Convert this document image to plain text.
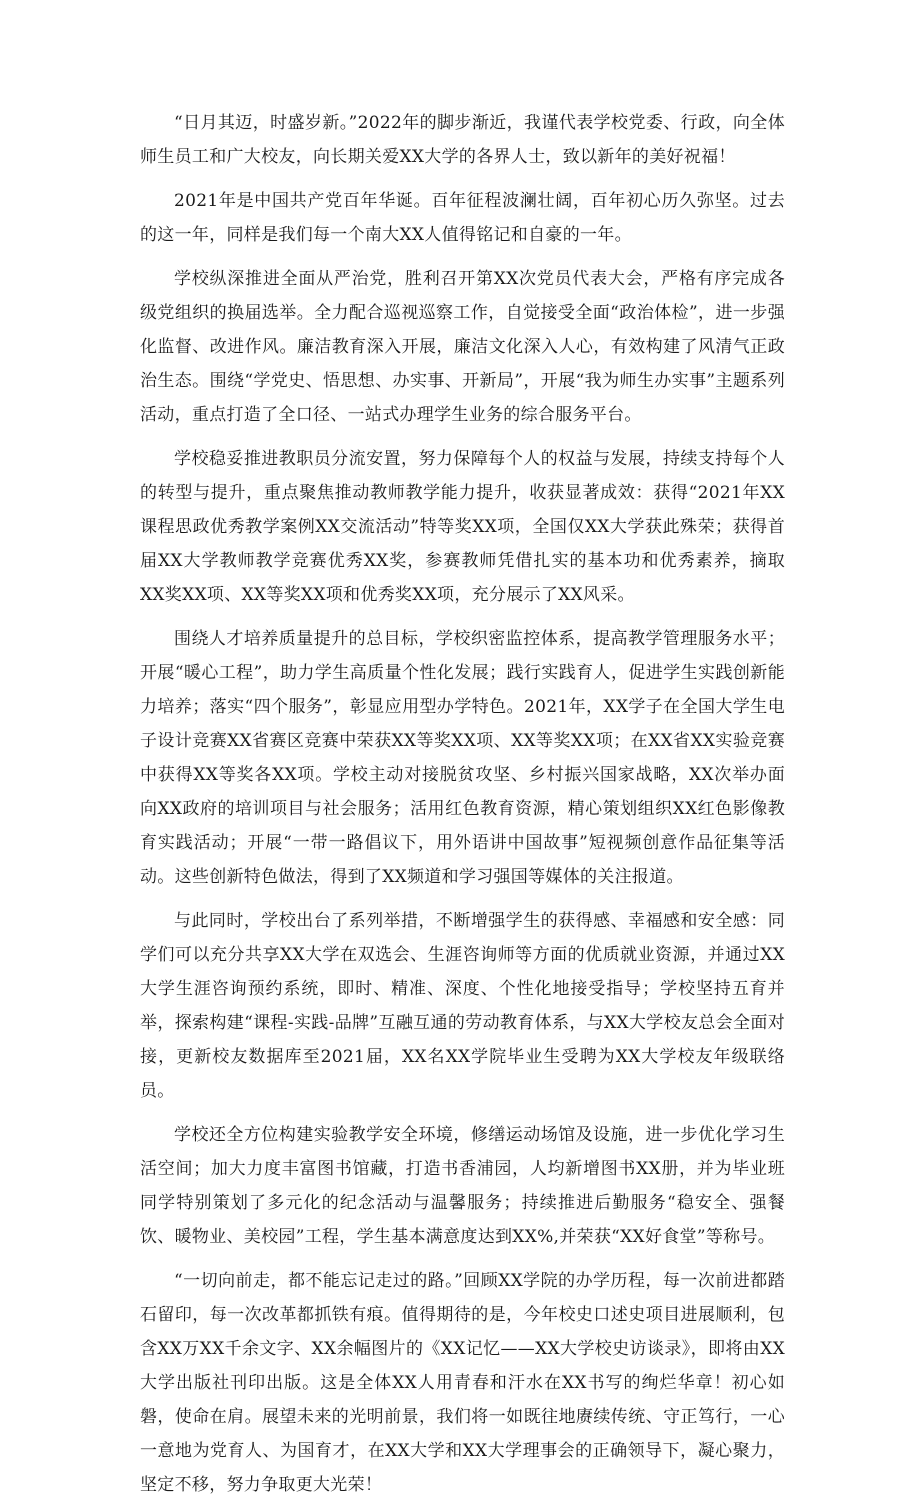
“日月其迈，时盛岁新。”2022年的脚步渐近，我谨代表学校党委、行政，向全体师生员工和广大校友，向长期关爱XX大学的各界人士，致以新年的美好祝福！

2021年是中国共产党百年华诞。百年征程波澜壮阔，百年初心历久弥坚。过去的这一年，同样是我们每一个南大XX人值得铭记和自豪的一年。

学校纵深推进全面从严治党，胜利召开第XX次党员代表大会，严格有序完成各级党组织的换届选举。全力配合巡视巡察工作，自觉接受全面“政治体检”，进一步强化监督、改进作风。廉洁教育深入开展，廉洁文化深入人心，有效构建了风清气正政治生态。围绕“学党史、悟思想、办实事、开新局”，开展“我为师生办实事”主题系列活动，重点打造了全口径、一站式办理学生业务的综合服务平台。

学校稳妥推进教职员分流安置，努力保障每个人的权益与发展，持续支持每个人的转型与提升，重点聚焦推动教师教学能力提升，收获显著成效：获得“2021年XX课程思政优秀教学案例XX交流活动”特等奖XX项，全国仅XX大学获此殊荣；获得首届XX大学教师教学竞赛优秀XX奖，参赛教师凭借扎实的基本功和优秀素养，摘取XX奖XX项、XX等奖XX项和优秀奖XX项，充分展示了XX风采。

围绕人才培养质量提升的总目标，学校织密监控体系，提高教学管理服务水平；开展“暖心工程”，助力学生高质量个性化发展；践行实践育人，促进学生实践创新能力培养；落实“四个服务”，彰显应用型办学特色。2021年，XX学子在全国大学生电子设计竞赛XX省赛区竞赛中荣获XX等奖XX项、XX等奖XX项；在XX省XX实验竞赛中获得XX等奖各XX项。学校主动对接脱贫攻坚、乡村振兴国家战略，XX次举办面向XX政府的培训项目与社会服务；活用红色教育资源，精心策划组织XX红色影像教育实践活动；开展“一带一路倡议下，用外语讲中国故事”短视频创意作品征集等活动。这些创新特色做法，得到了XX频道和学习强国等媒体的关注报道。

与此同时，学校出台了系列举措，不断增强学生的获得感、幸福感和安全感：同学们可以充分共享XX大学在双选会、生涯咨询师等方面的优质就业资源，并通过XX大学生涯咨询预约系统，即时、精准、深度、个性化地接受指导；学校坚持五育并举，探索构建“课程-实践-品牌”互融互通的劳动教育体系，与XX大学校友总会全面对接，更新校友数据库至2021届，XX名XX学院毕业生受聘为XX大学校友年级联络员。

学校还全方位构建实验教学安全环境，修缮运动场馆及设施，进一步优化学习生活空间；加大力度丰富图书馆藏，打造书香浦园，人均新增图书XX册，并为毕业班同学特别策划了多元化的纪念活动与温馨服务；持续推进后勤服务“稳安全、强餐饮、暖物业、美校园”工程，学生基本满意度达到XX%,并荣获“XX好食堂”等称号。

“一切向前走，都不能忘记走过的路。”回顾XX学院的办学历程，每一次前进都踏石留印，每一次改革都抓铁有痕。值得期待的是，今年校史口述史项目进展顺利，包含XX万XX千余文字、XX余幅图片的《XX记忆——XX大学校史访谈录》，即将由XX大学出版社刊印出版。这是全体XX人用青春和汗水在XX书写的绚烂华章！初心如磐，使命在肩。展望未来的光明前景，我们将一如既往地赓续传统、守正笃行，一心一意地为党育人、为国育才，在XX大学和XX大学理事会的正确领导下，凝心聚力，坚定不移，努力争取更大光荣！
